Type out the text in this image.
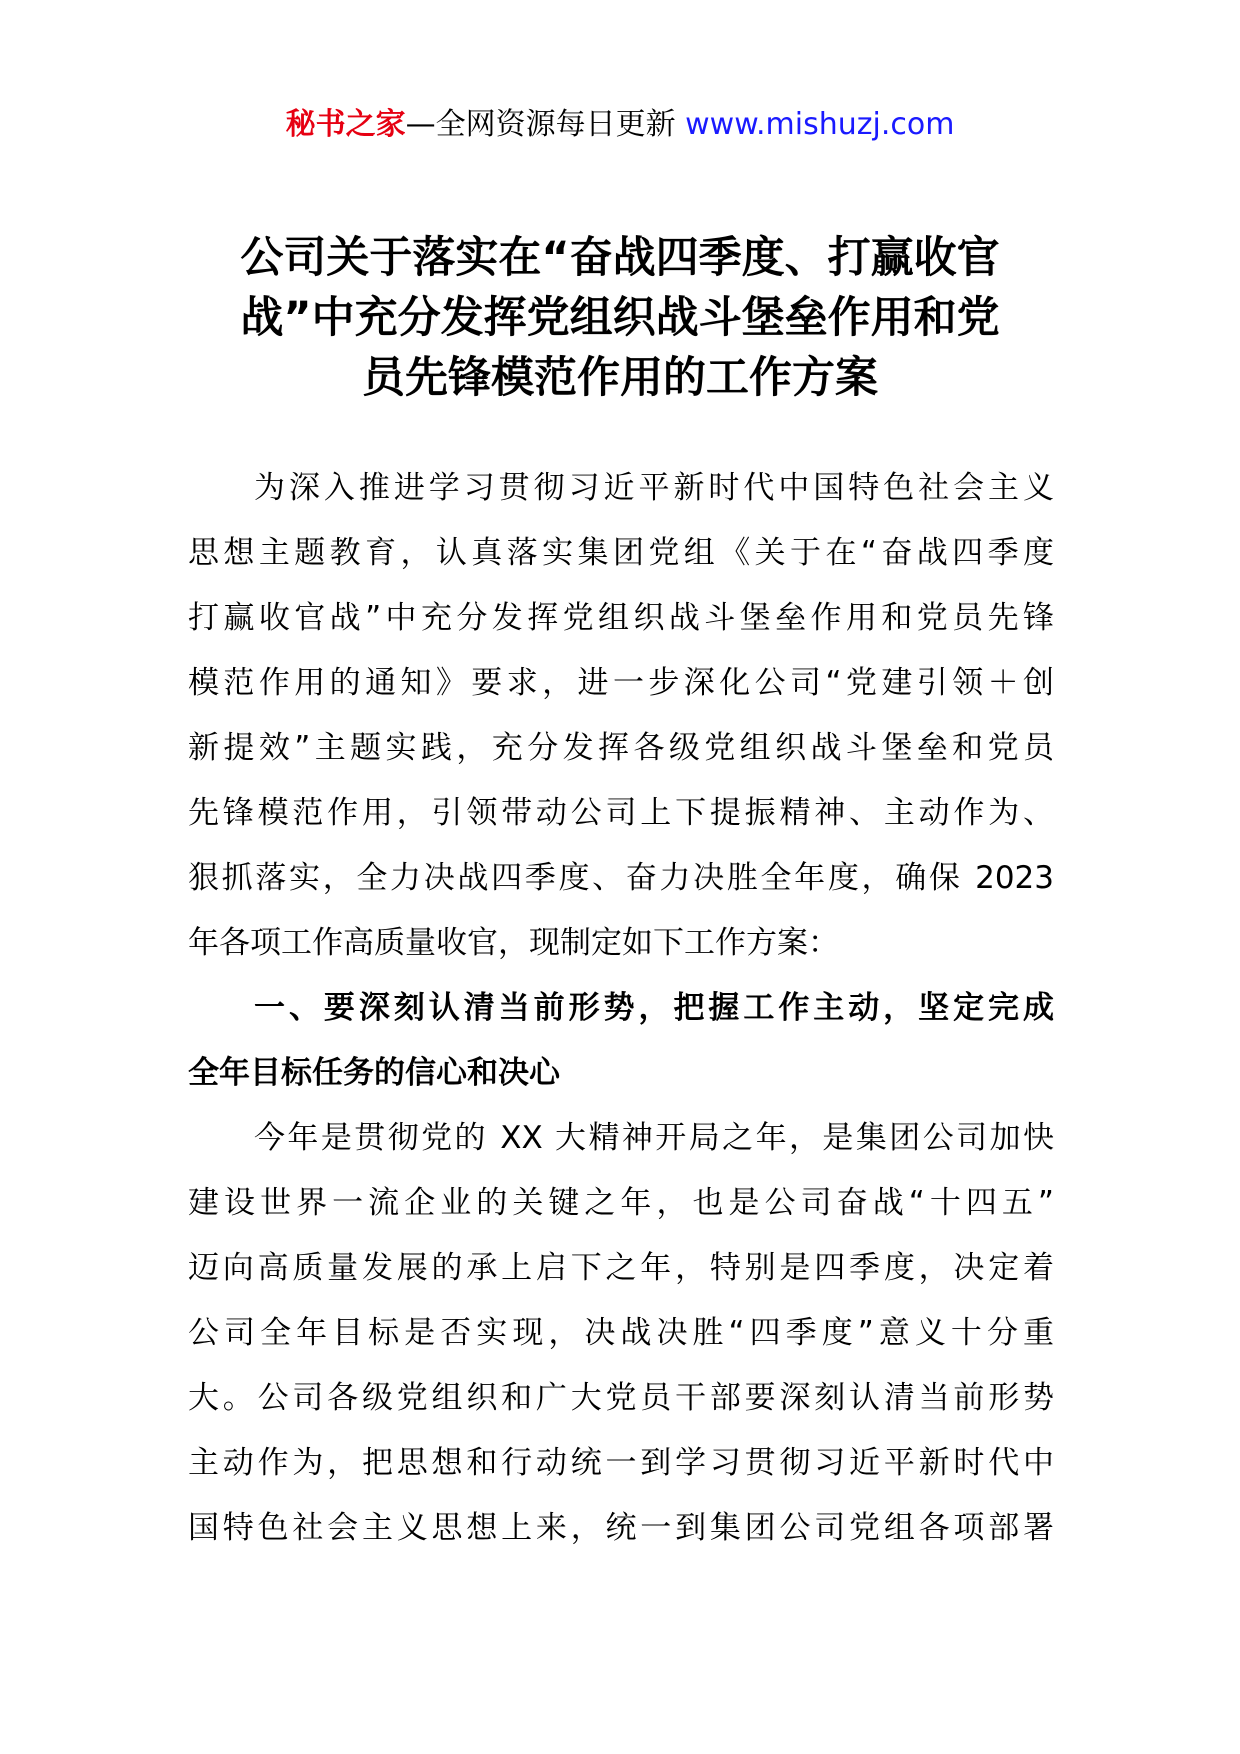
秘书之家—全网资源每日更新 www.mishuzj.com
公司关于落实在“奋战四季度、打赢收官
战”中充分发挥党组织战斗堡垒作用和党
员先锋模范作用的工作方案
为深入推进学习贯彻习近平新时代中国特色社会主义
思想主题教育，认真落实集团党组《关于在“奋战四季度
打赢收官战”中充分发挥党组织战斗堡垒作用和党员先锋
模范作用的通知》要求，进一步深化公司“党建引领＋创
新提效”主题实践，充分发挥各级党组织战斗堡垒和党员
先锋模范作用，引领带动公司上下提振精神、主动作为、
狠抓落实，全力决战四季度、奋力决胜全年度，确保 2023
年各项工作高质量收官，现制定如下工作方案：
一、要深刻认清当前形势，把握工作主动，坚定完成
全年目标任务的信心和决心
今年是贯彻党的 XX 大精神开局之年，是集团公司加快
建设世界一流企业的关键之年，也是公司奋战“十四五”
迈向高质量发展的承上启下之年，特别是四季度，决定着
公司全年目标是否实现，决战决胜“四季度”意义十分重
大。公司各级党组织和广大党员干部要深刻认清当前形势
主动作为，把思想和行动统一到学习贯彻习近平新时代中
国特色社会主义思想上来，统一到集团公司党组各项部署
